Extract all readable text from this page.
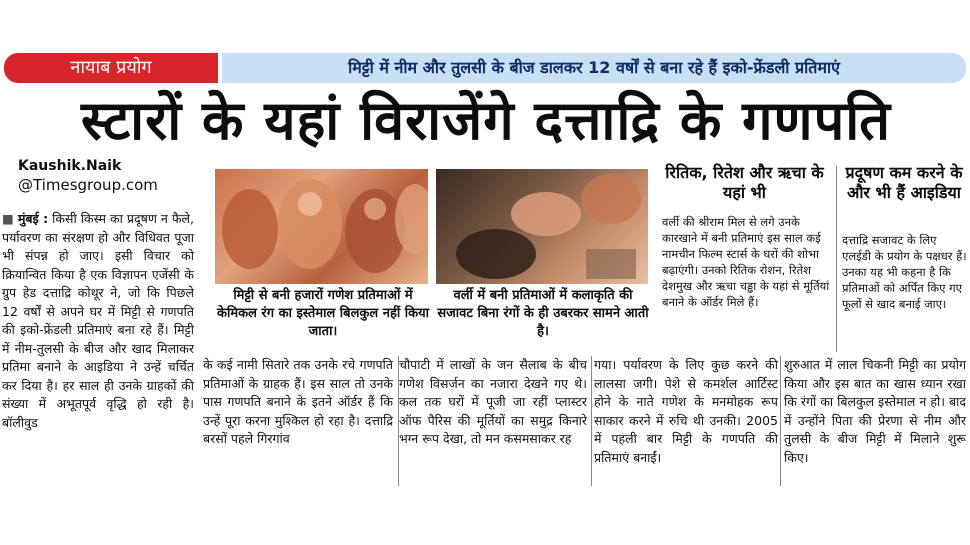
नायाब प्रयोग	मिट्टी में नीम और तुलसी के बीज डालकर 12 वर्षों से बना रहे हैं इको-फ्रेंडली प्रतिमाएं
स्टारों के यहां विराजेंगे दत्ताद्रि के गणपति
Kaushik.Naik
@Timesgroup.com
मिट्टी से बनी हजारों गणेश प्रतिमाओं में केमिकल रंग का इस्तेमाल बिलकुल नहीं किया जाता।
वर्ली में बनी प्रतिमाओं में कलाकृति की सजावट बिना रंगों के ही उबरकर सामने आती है।
रितिक, रितेश और ऋचा के यहां भी
वर्ली की श्रीराम मिल से लगे उनके कारखाने में बनी प्रतिमाएं इस साल कई नामचीन फिल्म स्टार्स के घरों की शोभा बढ़ाएंगी। उनको रितिक रोशन, रितेश देशमुख और ऋचा चड्ढा के यहां से मूर्तियां बनाने के ऑर्डर मिले हैं।
प्रदूषण कम करने के और भी हैं आइडिया
दत्ताद्रि सजावट के लिए एलईडी के प्रयोग के पक्षधर हैं। उनका यह भी कहना है कि प्रतिमाओं को अर्पित किए गए फूलों से खाद बनाई जाए।
■ मुंबई : किसी किस्म का प्रदूषण न फैले, पर्यावरण का संरक्षण हो और विधिवत पूजा भी संपन्न हो जाए। इसी विचार को क्रियान्वित किया है एक विज्ञापन एजेंसी के ग्रुप हेड दत्ताद्रि कोथूर ने, जो कि पिछले 12 वर्षों से अपने घर में मिट्टी से गणपति की इको-फ्रेंडली प्रतिमाएं बना रहे हैं। मिट्टी में नीम-तुलसी के बीज और खाद मिलाकर प्रतिमा बनाने के आइडिया ने उन्हें चर्चित कर दिया है। हर साल ही उनके ग्राहकों की संख्या में अभूतपूर्व वृद्धि हो रही है। बॉलीवुड
के कई नामी सितारे तक उनके रचे गणपति प्रतिमाओं के ग्राहक हैं। इस साल तो उनके पास गणपति बनाने के इतने ऑर्डर हैं कि उन्हें पूरा करना मुश्किल हो रहा है। दत्ताद्रि बरसों पहले गिरगांव
चौपाटी में लाखों के जन सैलाब के बीच गणेश विसर्जन का नजारा देखने गए थे। कल तक घरों में पूजी जा रहीं प्लास्टर ऑफ पैरिस की मूर्तियों का समुद्र किनारे भग्न रूप देखा, तो मन कसमसाकर रह
गया। पर्यावरण के लिए कुछ करने की लालसा जगी। पेशे से कमर्शल आर्टिस्ट होने के नाते गणेश के मनमोहक रूप साकार करने में रुचि थी उनकी। 2005 में पहली बार मिट्टी के गणपति की प्रतिमाएं बनाईं।
शुरुआत में लाल चिकनी मिट्टी का प्रयोग किया और इस बात का खास ध्यान रखा कि रंगों का बिलकुल इस्तेमाल न हो। बाद में उन्होंने पिता की प्रेरणा से नीम और तुलसी के बीज मिट्टी में मिलाने शुरू किए।
